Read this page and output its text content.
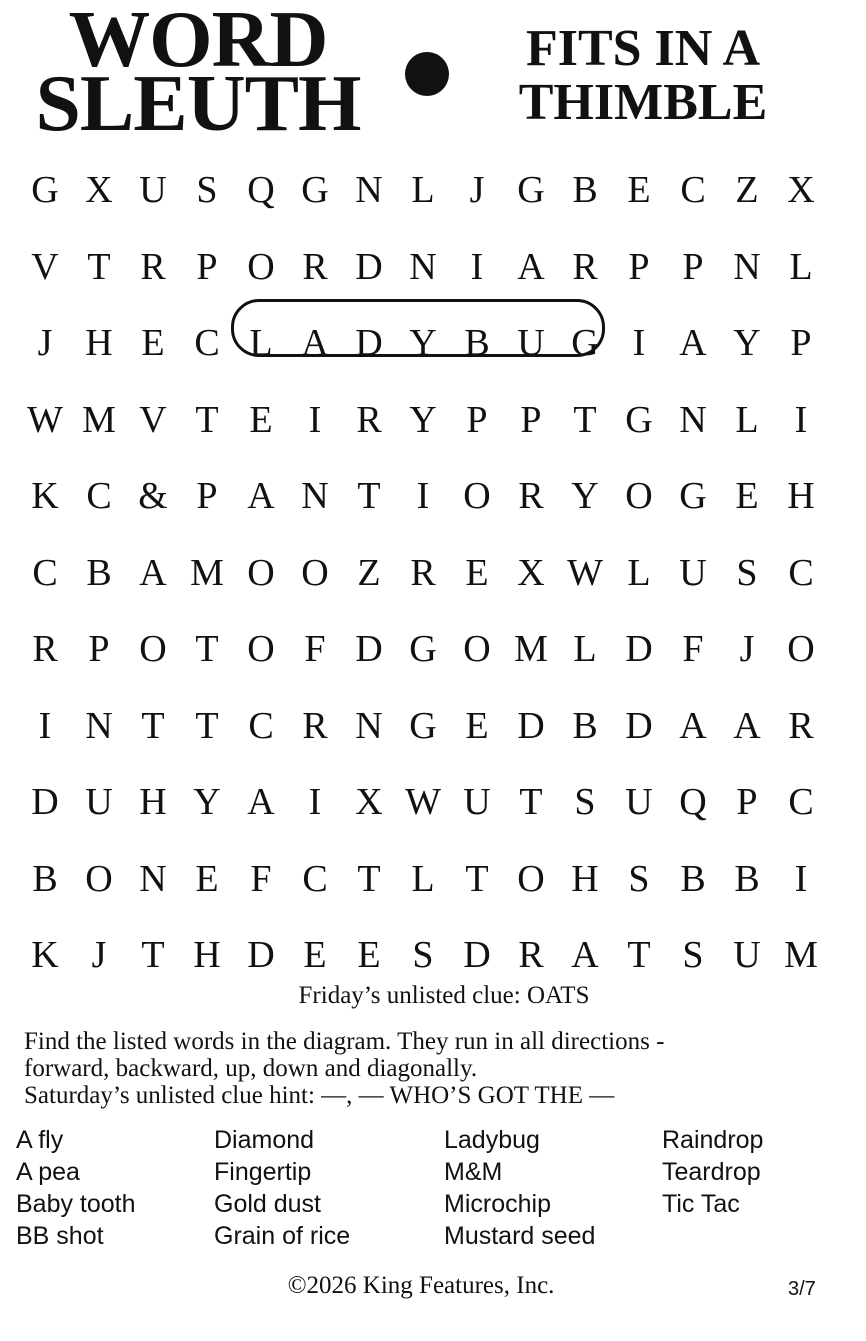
WORD
SLEUTH
FITS IN A
THIMBLE
G X U S Q G N L J G B E C Z X
V T R P O R D N I A R P P N L
J H E C L A D Y B U G I A Y P
W M V T E I R Y P P T G N L I
K C & P A N T I O R Y O G E H
C B A M O O Z R E X W L U S C
R P O T O F D G O M L D F J O
I N T T C R N G E D B D A A R
D U H Y A I X W U T S U Q P C
B O N E F C T L T O H S B B I
K J T H D E E S D R A T S U M
Friday’s unlisted clue: OATS
Find the listed words in the diagram. They run in all directions -
forward, backward, up, down and diagonally.
Saturday’s unlisted clue hint: —, — WHO’S GOT THE —
A fly
A pea
Baby tooth
BB shot
Diamond
Fingertip
Gold dust
Grain of rice
Ladybug
M&M
Microchip
Mustard seed
Raindrop
Teardrop
Tic Tac
©2026 King Features, Inc.	3/7
